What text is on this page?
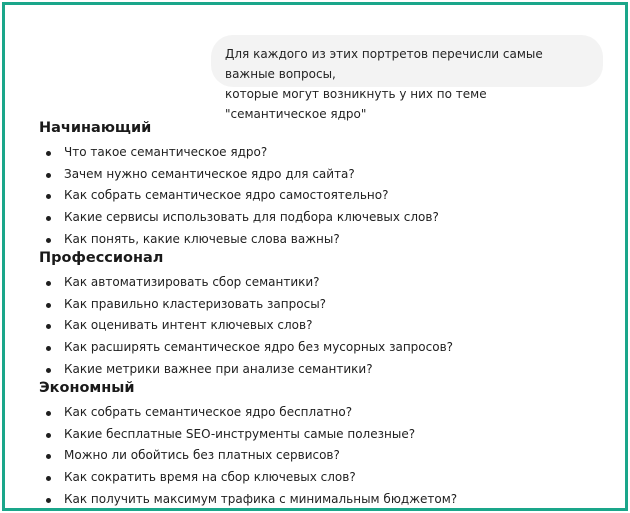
Для каждого из этих портретов перечисли самые важные вопросы,
которые могут возникнуть у них по теме "семантическое ядро"
Начинающий
Что такое семантическое ядро?
Зачем нужно семантическое ядро для сайта?
Как собрать семантическое ядро самостоятельно?
Какие сервисы использовать для подбора ключевых слов?
Как понять, какие ключевые слова важны?
Профессионал
Как автоматизировать сбор семантики?
Как правильно кластеризовать запросы?
Как оценивать интент ключевых слов?
Как расширять семантическое ядро без мусорных запросов?
Какие метрики важнее при анализе семантики?
Экономный
Как собрать семантическое ядро бесплатно?
Какие бесплатные SEO-инструменты самые полезные?
Можно ли обойтись без платных сервисов?
Как сократить время на сбор ключевых слов?
Как получить максимум трафика с минимальным бюджетом?
